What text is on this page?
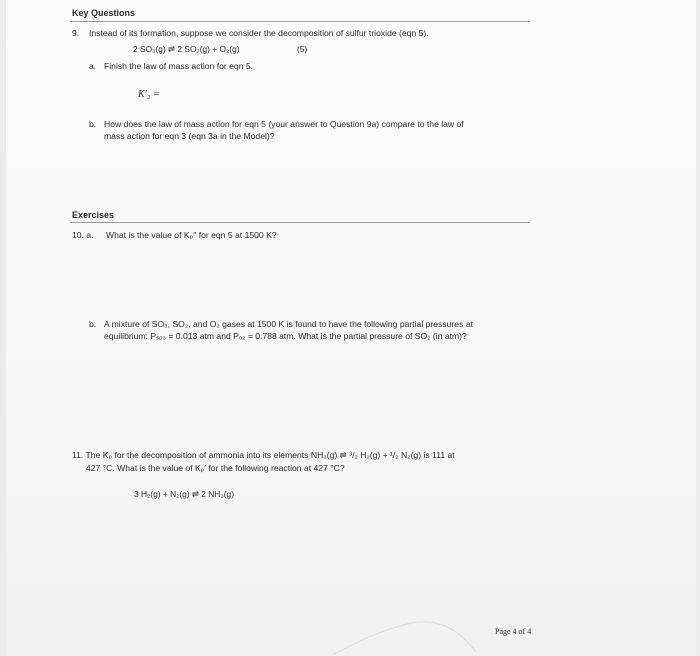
Key Questions
9. Instead of its formation, suppose we consider the decomposition of sulfur trioxide (eqn 5).
2 SO₃(g) ⇌ 2 SO₂(g) + O₂(g)	(5)
a. Finish the law of mass action for eqn 5.
K′₂ =
b. How does the law of mass action for eqn 5 (your answer to Question 9a) compare to the law of
mass action for eqn 3 (eqn 3a in the Model)?
Exercises
10. a. What is the value of Kₚ″ for eqn 5 at 1500 K?
b. A mixture of SO₃, SO₂, and O₂ gases at 1500 K is found to have the following partial pressures at
equilibrium: Pₛₒ₃ = 0.013 atm and Pₒ₂ = 0.788 atm. What is the partial pressure of SO₂ (in atm)?
11. The Kₚ for the decomposition of ammonia into its elements NH₃(g) ⇌ ³/₂ H₂(g) + ¹/₂ N₂(g) is 111 at
427 °C. What is the value of Kₚ′ for the following reaction at 427 °C?
3 H₂(g) + N₂(g) ⇌ 2 NH₃(g)
Page 4 of 4
